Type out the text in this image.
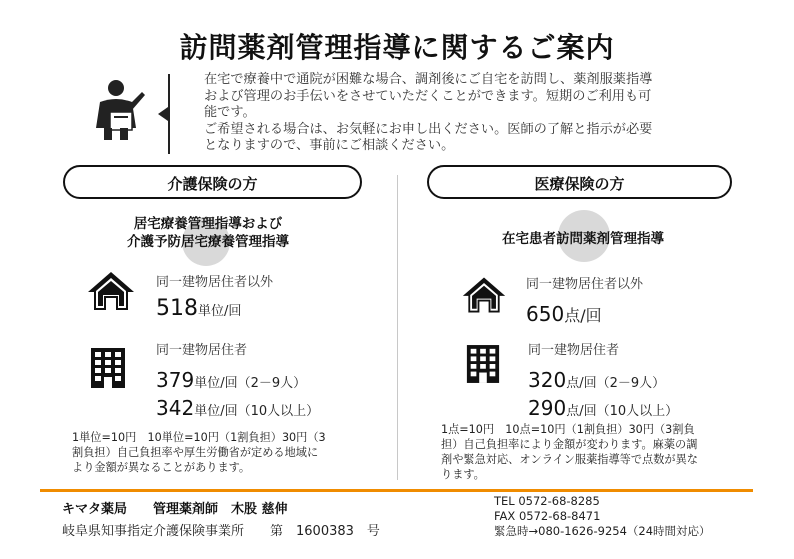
訪問薬剤管理指導に関するご案内

在宅で療養中で通院が困難な場合、調剤後にご自宅を訪問し、薬剤服薬指導

および管理のお手伝いをさせていただくことができます。短期のご利用も可

能です。

ご希望される場合は、お気軽にお申し出ください。医師の了解と指示が必要

となりますので、事前にご相談ください。

介護保険の方	医療保険の方
居宅療養管理指導および
介護予防居宅療養管理指導
同一建物居住者以外
518単位/回
同一建物居住者
379単位/回（2－9人）
342単位/回（10人以上）

1単位=10円　10単位=10円（1割負担）30円（3

割負担）自己負担率や厚生労働省が定める地域に

より金額が異なることがあります。

在宅患者訪問薬剤管理指導
同一建物居住者以外
650点/回
同一建物居住者
320点/回（2－9人）
290点/回（10人以上）

1点=10円　10点=10円（1割負担）30円（3割負

担）自己負担率により金額が変わります。麻薬の調

剤や緊急対応、オンライン服薬指導等で点数が異な

ります。

キマタ薬局　　管理薬剤師　木股 慈伸
岐阜県知事指定介護保険事業所　　第　1600383　号

TEL 0572-68-8285

FAX 0572-68-8471

緊急時→080-1626-9254（24時間対応）
